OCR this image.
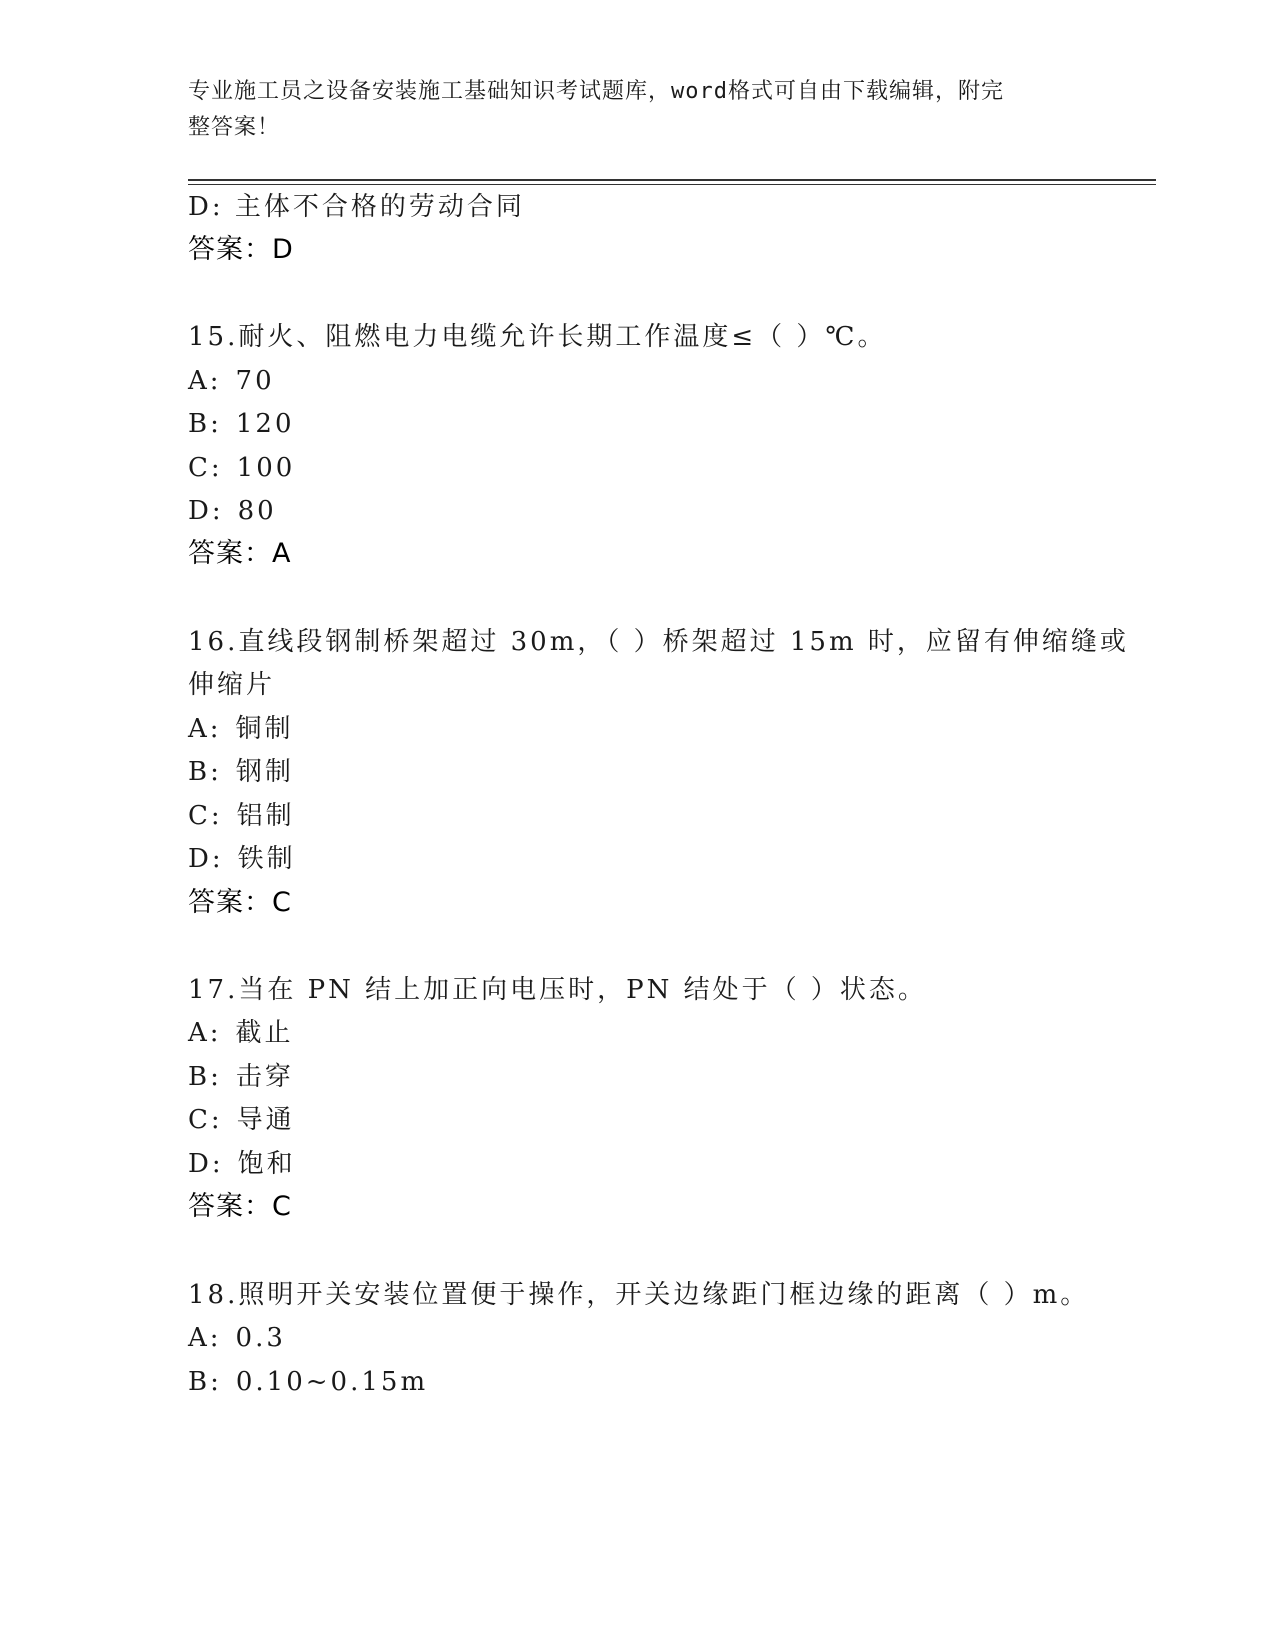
专业施工员之设备安装施工基础知识考试题库，word格式可自由下载编辑，附完
整答案！
D: 主体不合格的劳动合同
答案：D
15.耐火、阻燃电力电缆允许长期工作温度≤（ ）℃。
A: 70
B: 120
C: 100
D: 80
答案：A
16.直线段钢制桥架超过 30m，（ ）桥架超过 15m 时，应留有伸缩缝或
伸缩片
A: 铜制
B: 钢制
C: 铝制
D: 铁制
答案：C
17.当在 PN 结上加正向电压时，PN 结处于（ ）状态。
A: 截止
B: 击穿
C: 导通
D: 饱和
答案：C
18.照明开关安装位置便于操作，开关边缘距门框边缘的距离（ ）m。
A: 0.3
B: 0.10~0.15m
